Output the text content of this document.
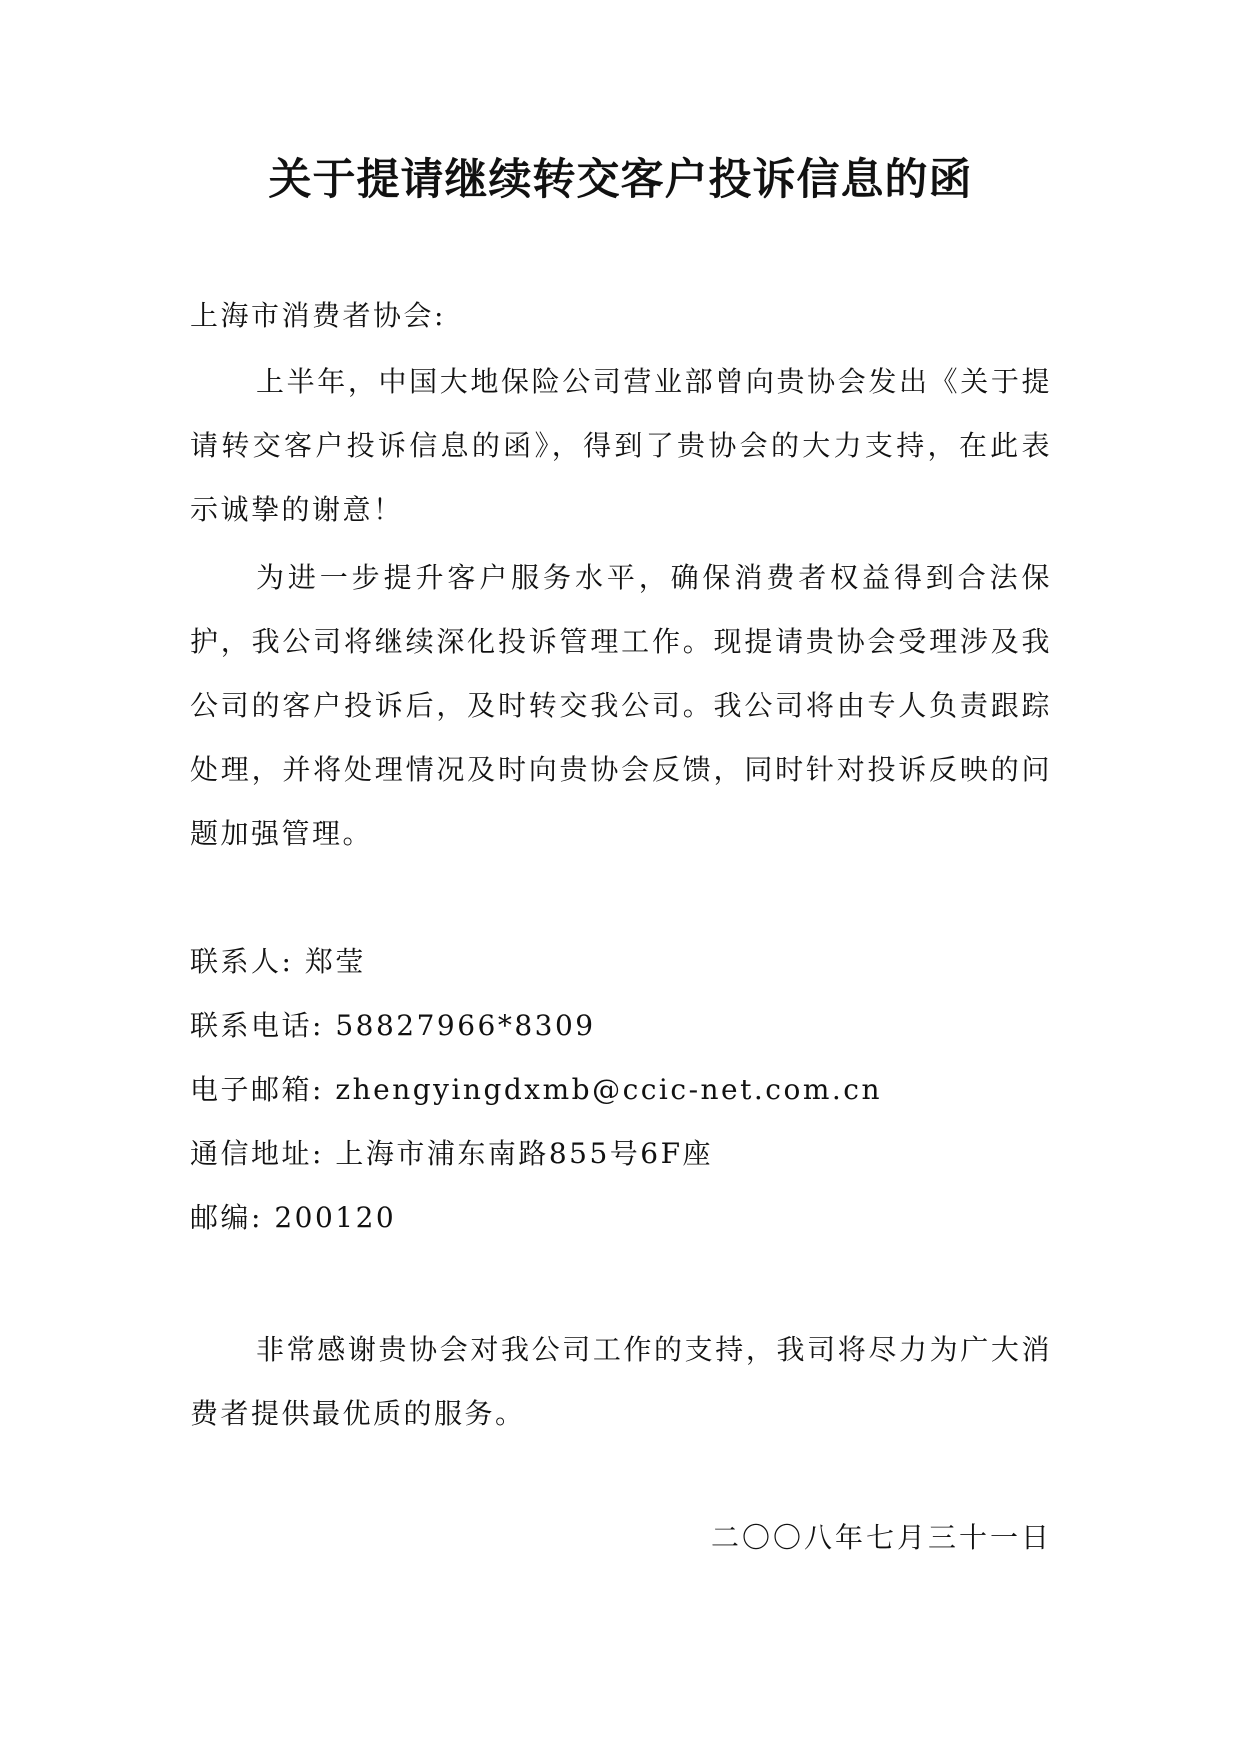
关于提请继续转交客户投诉信息的函
上海市消费者协会:

上半年，中国大地保险公司营业部曾向贵协会发出《关于提请转交客户投诉信息的函》，得到了贵协会的大力支持，在此表示诚挚的谢意！

为进一步提升客户服务水平，确保消费者权益得到合法保护，我公司将继续深化投诉管理工作。现提请贵协会受理涉及我公司的客户投诉后，及时转交我公司。我公司将由专人负责跟踪处理，并将处理情况及时向贵协会反馈，同时针对投诉反映的问题加强管理。

联系人: 郑莹
联系电话: 58827966*8309
电子邮箱: zhengyingdxmb@ccic-net.com.cn
通信地址: 上海市浦东南路855号6F座
邮编: 200120

非常感谢贵协会对我公司工作的支持，我司将尽力为广大消费者提供最优质的服务。

二〇〇八年七月三十一日
